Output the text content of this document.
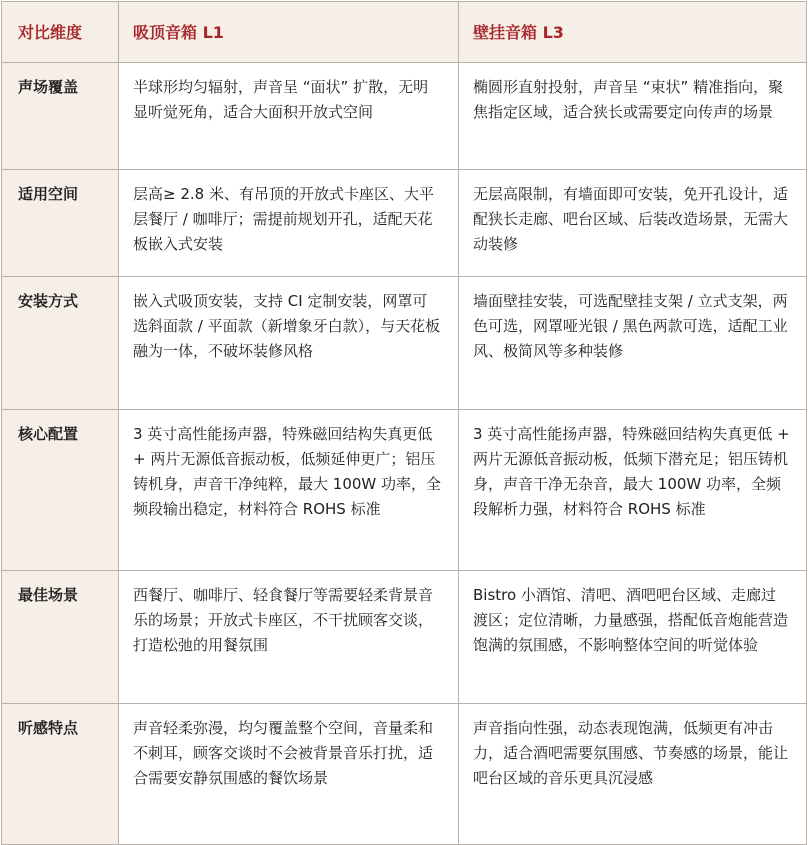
对比维度	吸顶音箱 L1	壁挂音箱 L3
声场覆盖	半球形均匀辐射，声音呈 “面状” 扩散，无明显听觉死角，适合大面积开放式空间	椭圆形直射投射，声音呈 “束状” 精准指向，聚焦指定区域，适合狭长或需要定向传声的场景
适用空间	层高≥ 2.8 米、有吊顶的开放式卡座区、大平层餐厅 / 咖啡厅；需提前规划开孔，适配天花板嵌入式安装	无层高限制，有墙面即可安装，免开孔设计，适配狭长走廊、吧台区域、后装改造场景，无需大动装修
安装方式	嵌入式吸顶安装，支持 CI 定制安装，网罩可选斜面款 / 平面款（新增象牙白款），与天花板融为一体，不破坏装修风格	墙面壁挂安装，可选配壁挂支架 / 立式支架，两色可选，网罩哑光银 / 黑色两款可选，适配工业风、极简风等多种装修
核心配置	3 英寸高性能扬声器，特殊磁回结构失真更低 + 两片无源低音振动板，低频延伸更广；铝压铸机身，声音干净纯粹，最大 100W 功率，全频段输出稳定，材料符合 ROHS 标准	3 英寸高性能扬声器，特殊磁回结构失真更低 + 两片无源低音振动板，低频下潜充足；铝压铸机身，声音干净无杂音，最大 100W 功率，全频段解析力强，材料符合 ROHS 标准
最佳场景	西餐厅、咖啡厅、轻食餐厅等需要轻柔背景音乐的场景；开放式卡座区，不干扰顾客交谈，打造松弛的用餐氛围	Bistro 小酒馆、清吧、酒吧吧台区域、走廊过渡区；定位清晰，力量感强，搭配低音炮能营造饱满的氛围感，不影响整体空间的听觉体验
听感特点	声音轻柔弥漫，均匀覆盖整个空间，音量柔和不刺耳，顾客交谈时不会被背景音乐打扰，适合需要安静氛围感的餐饮场景	声音指向性强，动态表现饱满，低频更有冲击力，适合酒吧需要氛围感、节奏感的场景，能让吧台区域的音乐更具沉浸感
